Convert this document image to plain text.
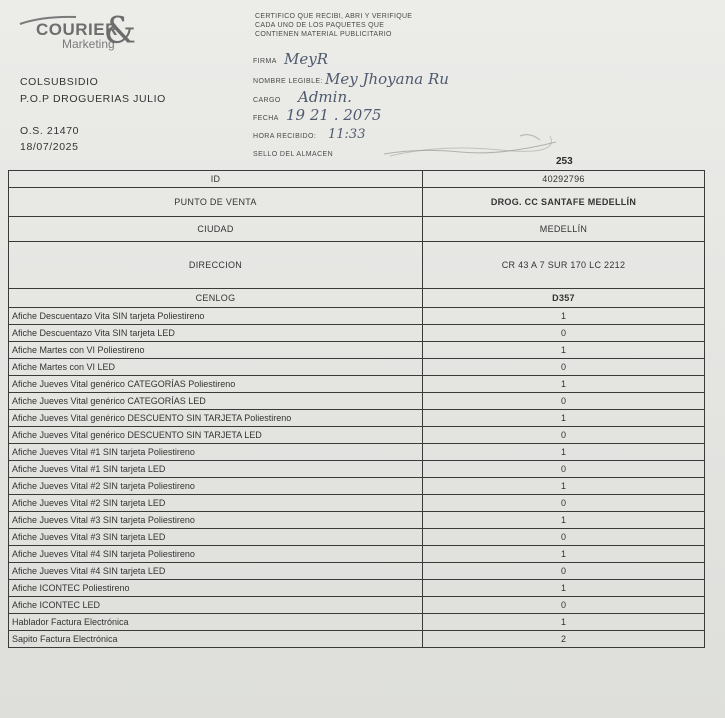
COURIER
Marketing
&
COLSUBSIDIO
P.O.P DROGUERIAS JULIO
O.S. 21470
18/07/2025
CERTIFICO QUE RECIBI, ABRI Y VERIFIQUE CADA UNO DE LOS PAQUETES QUE CONTIENEN MATERIAL PUBLICITARIO
FIRMA MeyR
NOMBRE LEGIBLE: Mey Jhoyana Ru
CARGO Admin.
FECHA 19 21 . 2075
HORA RECIBIDO: 11:33
SELLO DEL ALMACEN
253
ID	40292796
PUNTO DE VENTA	DROG. CC SANTAFE MEDELLÍN
CIUDAD	MEDELLÍN
DIRECCION	CR 43 A 7 SUR 170 LC 2212
CENLOG	D357
Afiche Descuentazo Vita SIN tarjeta Poliestireno	1
Afiche Descuentazo Vita SIN tarjeta LED	0
Afiche Martes con VI Poliestireno	1
Afiche Martes con VI LED	0
Afiche Jueves Vital genérico CATEGORÍAS Poliestireno	1
Afiche Jueves Vital genérico CATEGORÍAS LED	0
Afiche Jueves Vital genérico DESCUENTO SIN TARJETA Poliestireno	1
Afiche Jueves Vital genérico DESCUENTO SIN TARJETA LED	0
Afiche Jueves Vital #1 SIN tarjeta Poliestireno	1
Afiche Jueves Vital #1 SIN tarjeta LED	0
Afiche Jueves Vital #2 SIN tarjeta Poliestireno	1
Afiche Jueves Vital #2 SIN tarjeta LED	0
Afiche Jueves Vital #3 SIN tarjeta Poliestireno	1
Afiche Jueves Vital #3 SIN tarjeta LED	0
Afiche Jueves Vital #4 SIN tarjeta Poliestireno	1
Afiche Jueves Vital #4 SIN tarjeta LED	0
Afiche ICONTEC Poliestireno	1
Afiche ICONTEC LED	0
Hablador Factura Electrónica	1
Sapito Factura Electrónica	2
